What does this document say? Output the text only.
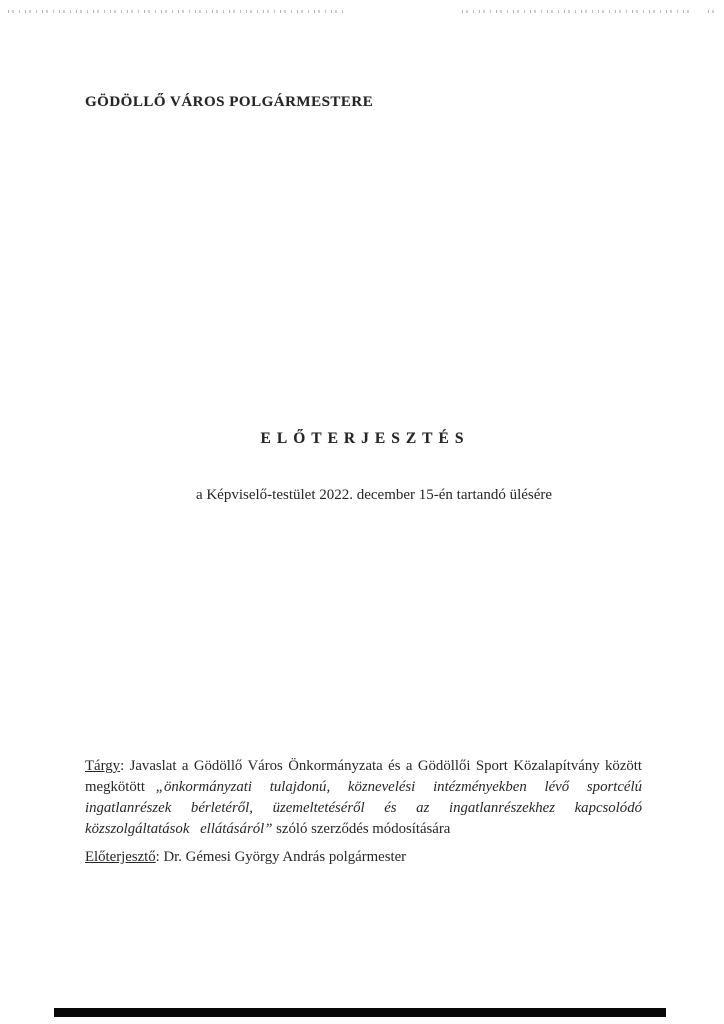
GÖDÖLLŐ VÁROS POLGÁRMESTERE
ELŐTERJESZTÉS
a Képviselő-testület 2022. december 15-én tartandó ülésére

Tárgy: Javaslat a Gödöllő Város Önkormányzata és a Gödöllői Sport Közalapítvány között megkötött „önkormányzati tulajdonú, köznevelési intézményekben lévő sportcélú ingatlanrészek bérletéről, üzemeltetéséről és az ingatlanrészekhez kapcsolódó közszolgáltatások ellátásáról” szóló szerződés módosítására

Előterjesztő: Dr. Gémesi György András polgármester
